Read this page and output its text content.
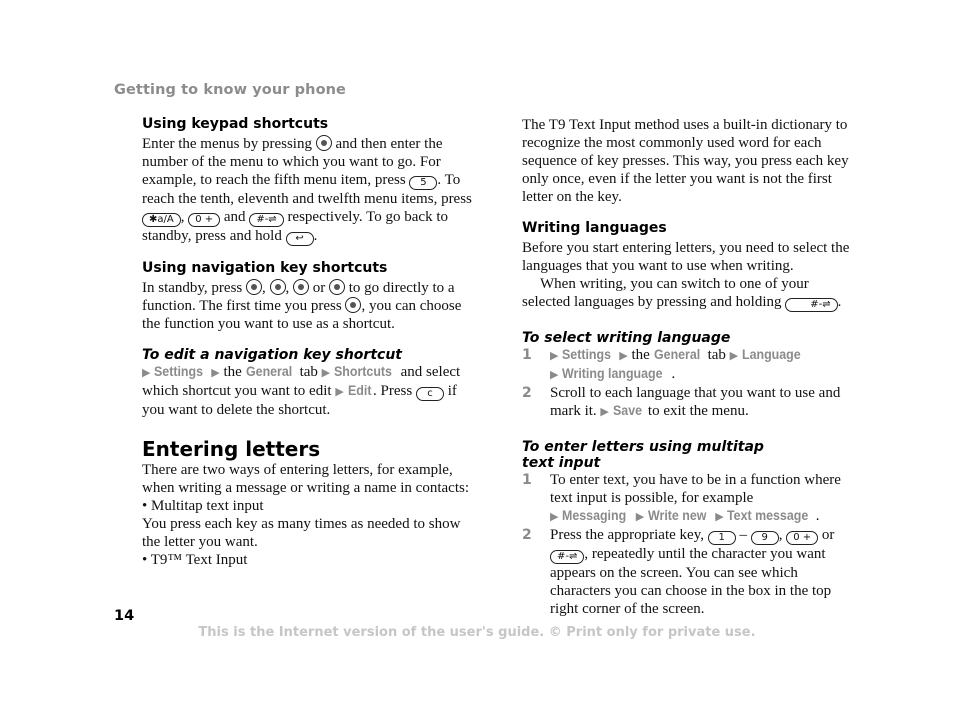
Getting to know your phone
Using keypad shortcuts

Enter the menus by pressing and then enter the number of the menu to which you want to go. For example, to reach the fifth menu item, press 5 . To reach the tenth, eleventh and twelfth menu items, press ✱a/A , 0 + and #-⇌ respectively. To go back to standby, press and hold ↩ .

Using navigation key shortcuts

In standby, press , ,  or to go directly to a function. The first time you press , you can choose the function you want to use as a shortcut.

To edit a navigation key shortcut

▶ Settings ▶ the General tab ▶ Shortcuts and select which shortcut you want to edit ▶ Edit . Press c if you want to delete the shortcut.

Entering letters

There are two ways of entering letters, for example, when writing a message or writing a name in contacts:

• Multitap text input

You press each key as many times as needed to show the letter you want.

• T9™ Text Input

The T9 Text Input method uses a built-in dictionary to recognize the most commonly used word for each sequence of key presses. This way, you press each key only once, even if the letter you want is not the first letter on the key.

Writing languages

Before you start entering letters, you need to select the languages that you want to use when writing.

When writing, you can switch to one of your selected languages by pressing and holding	#-⇌ .

To select writing language
1	▶ Settings ▶ the General tab ▶ Language
▶ Writing language .

2	Scroll to each language that you want to use and mark it. ▶ Save to exit the menu.

To enter letters using multitap
text input
1	To enter text, you have to be in a function where text input is possible, for example
▶ Messaging ▶ Write new ▶ Text message .

2	Press the appropriate key, 1 – 9 , 0 + or #-⇌ , repeatedly until the character you want appears on the screen. You can see which characters you can choose in the box in the top right corner of the screen.

14
This is the Internet version of the user's guide. © Print only for private use.
